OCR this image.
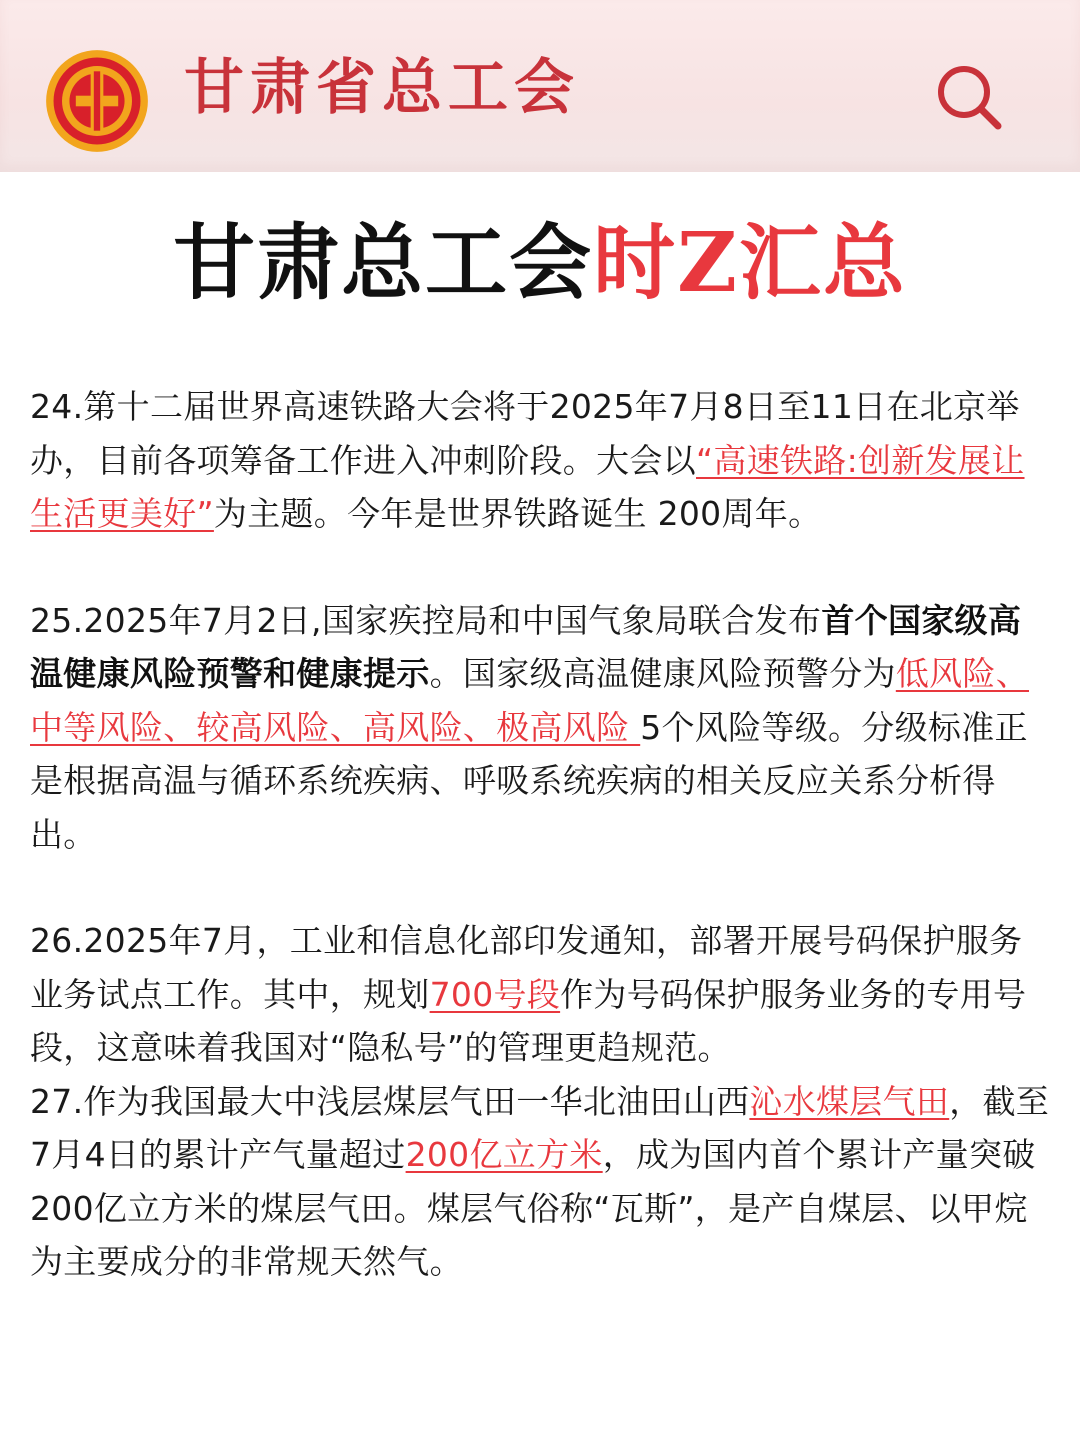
甘肃省总工会
甘肃总工会时Z汇总

24.第十二届世界高速铁路大会将于2025年7月8日至11日在北京举办，目前各项筹备工作进入冲刺阶段。大会以“高速铁路:创新发展让生活更美好”为主题。今年是世界铁路诞生 200周年。

25.2025年7月2日,国家疾控局和中国气象局联合发布首个国家级高温健康风险预警和健康提示。国家级高温健康风险预警分为低风险、中等风险、较高风险、高风险、极高风险 5个风险等级。分级标准正是根据高温与循环系统疾病、呼吸系统疾病的相关反应关系分析得出。

26.2025年7月，工业和信息化部印发通知，部署开展号码保护服务业务试点工作。其中，规划700号段作为号码保护服务业务的专用号段，这意味着我国对“隐私号”的管理更趋规范。

27.作为我国最大中浅层煤层气田一华北油田山西沁水煤层气田，截至7月4日的累计产气量超过200亿立方米，成为国内首个累计产量突破200亿立方米的煤层气田。煤层气俗称“瓦斯”，是产自煤层、以甲烷为主要成分的非常规天然气。
